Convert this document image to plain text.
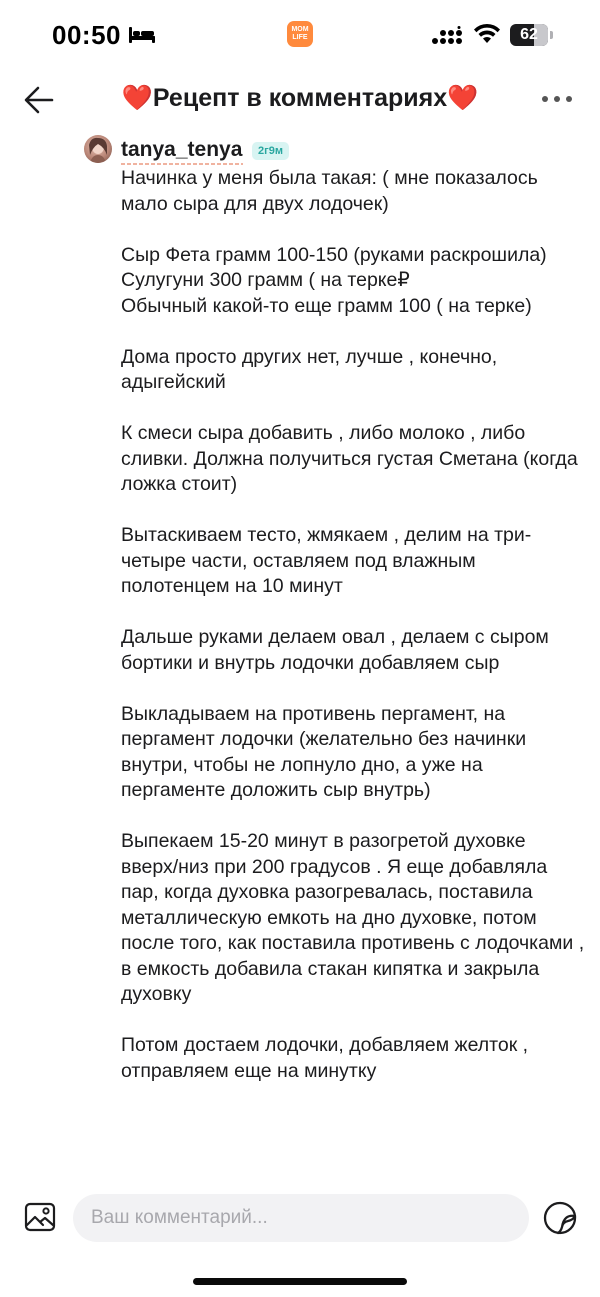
00:50	MOM
LIFE	62
❤️Рецепт в комментариях❤️
tanya_tenya	2г9м

Начинка у меня была такая: ( мне показалось мало сыра для двух лодочек)

Сыр Фета грамм 100-150 (руками раскрошила)
Сулугуни 300 грамм ( на терке₽
Обычный какой-то еще грамм 100 ( на терке)

Дома просто других нет, лучше , конечно, адыгейский

К смеси сыра добавить , либо молоко , либо сливки. Должна получиться густая Сметана (когда ложка стоит)

Вытаскиваем тесто, жмякаем , делим на три-четыре части, оставляем под влажным полотенцем на 10 минут

Дальше руками делаем овал , делаем с сыром бортики и внутрь лодочки добавляем сыр

Выкладываем на противень пергамент, на пергамент лодочки (желательно без начинки внутри, чтобы не лопнуло дно, а уже на пергаменте доложить сыр внутрь)

Выпекаем 15-20 минут в разогретой духовке вверх/низ при 200 градусов . Я еще добавляла пар, когда духовка разогревалась, поставила металлическую емкоть на дно духовке, потом после того, как поставила противень с лодочками , в емкость добавила стакан кипятка и закрыла духовку

Потом достаем лодочки, добавляем желток , отправляем еще на минутку

Ваш комментарий...
